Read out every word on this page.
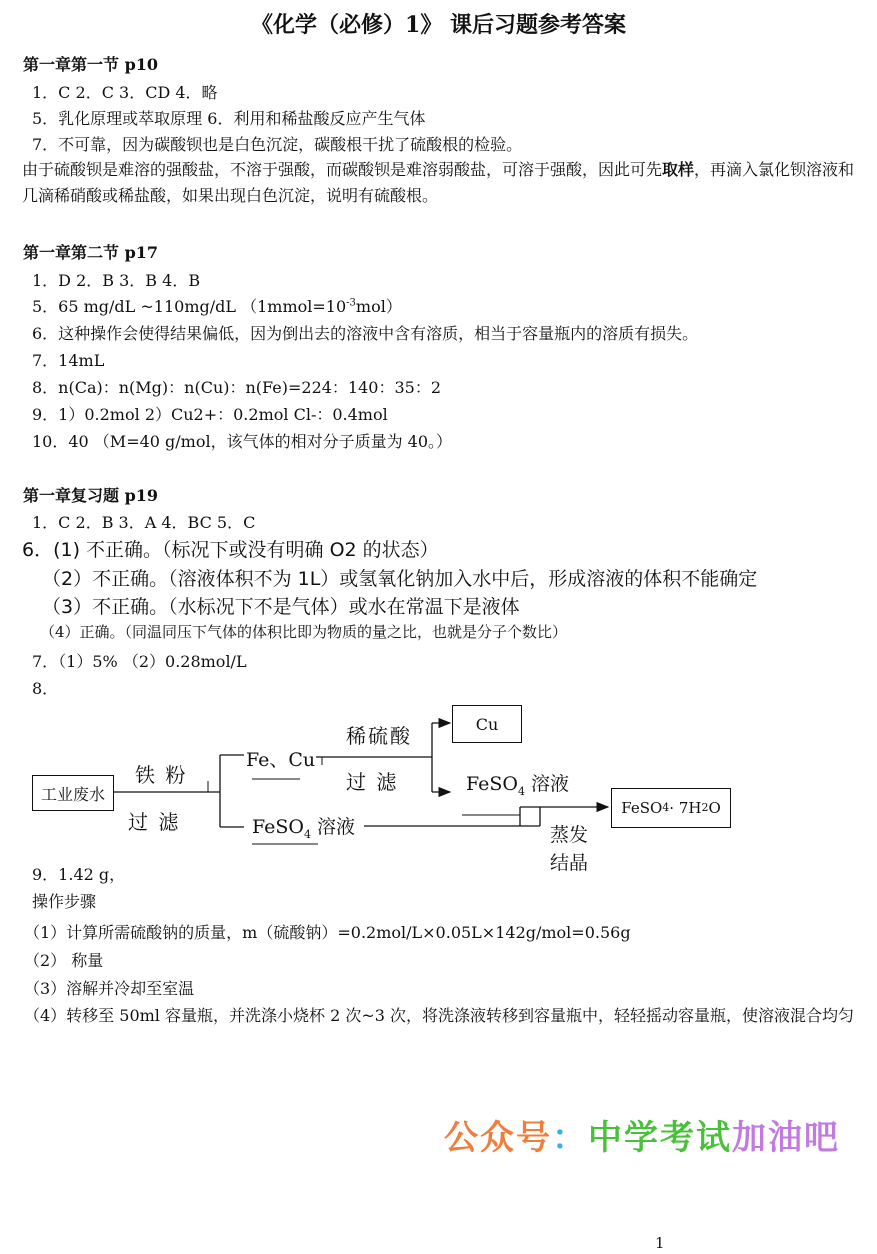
《化学（必修）1》 课后习题参考答案
第一章第一节 p10
1．C 2．C 3．CD 4．略
5．乳化原理或萃取原理 6．利用和稀盐酸反应产生气体
7．不可靠，因为碳酸钡也是白色沉淀，碳酸根干扰了硫酸根的检验。
由于硫酸钡是难溶的强酸盐，不溶于强酸，而碳酸钡是难溶弱酸盐，可溶于强酸，因此可先取样，再滴入氯化钡溶液和几滴稀硝酸或稀盐酸，如果出现白色沉淀，说明有硫酸根。
第一章第二节 p17
1．D 2．B 3．B 4．B
5．65 mg/dL ~110mg/dL $(1mmol=10^{-3}mol)$
6．这种操作会使得结果偏低，因为倒出去的溶液中含有溶质，相当于容量瓶内的溶质有损失。
7．14mL
8．n(Ca)：n(Mg)：n(Cu)：n(Fe)=224：140：35：2
9．1）0.2mol 2）Cu2+：0.2mol Cl-：0.4mol
10．40 （M=40 g/mol，该气体的相对分子质量为 40。）
第一章复习题 p19
1．C 2．B 3．A 4．BC 5．C
6．(1) 不正确。（标况下或没有明确 O2 的状态）
（2）不正确。（溶液体积不为 1L）或氢氧化钠加入水中后，形成溶液的体积不能确定
（3）不正确。（水标况下不是气体）或水在常温下是液体
（4）正确。（同温同压下气体的体积比即为物质的量之比，也就是分子个数比）
7．（1）5% （2）0.28mol/L
8．
工业废水
铁 粉
过 滤
Fe、Cu
FeSO$_4$ 溶液
稀硫酸
过 滤
Cu
FeSO$_4$ 溶液
FeSO 4 · 7H 2 O
蒸发
结晶
9．1.42 g，
操作步骤
（1）计算所需硫酸钠的质量，m（硫酸钠）=0.2mol/L×0.05L×142g/mol=0.56g
（2） 称量
（3）溶解并冷却至室温
（4）转移至 50ml 容量瓶，并洗涤小烧杯 2 次~3 次，将洗涤液转移到容量瓶中，轻轻摇动容量瓶，使溶液混合均匀
公众号：中学考试加油吧
1
